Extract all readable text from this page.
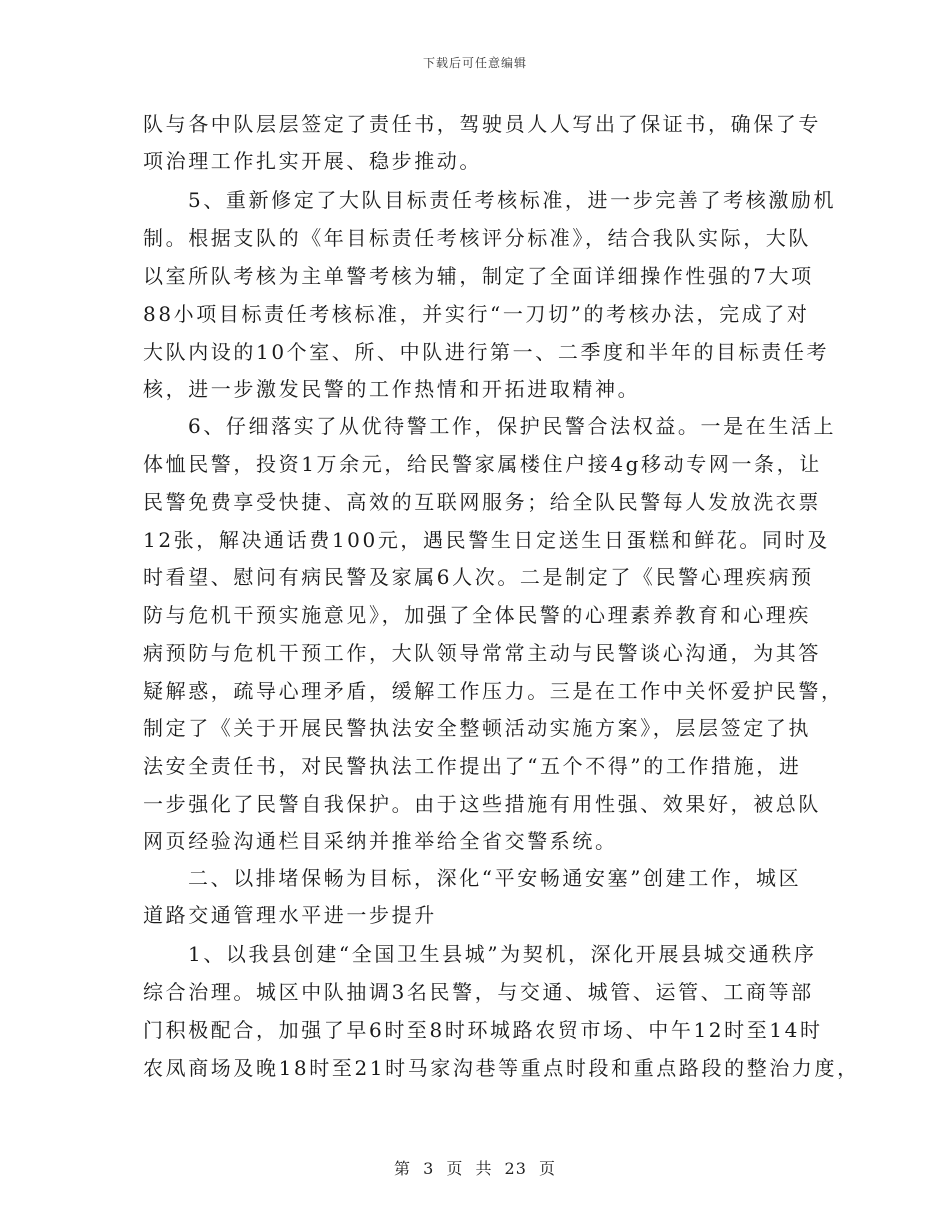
下载后可任意编辑
队与各中队层层签定了责任书，驾驶员人人写出了保证书，确保了专
项治理工作扎实开展、稳步推动。
5、重新修定了大队目标责任考核标准，进一步完善了考核激励机
制。根据支队的《年目标责任考核评分标准》，结合我队实际，大队
以室所队考核为主单警考核为辅，制定了全面详细操作性强的7大项
88小项目标责任考核标准，并实行“一刀切”的考核办法，完成了对
大队内设的10个室、所、中队进行第一、二季度和半年的目标责任考
核，进一步激发民警的工作热情和开拓进取精神。
6、仔细落实了从优待警工作，保护民警合法权益。一是在生活上
体恤民警，投资1万余元，给民警家属楼住户接4g移动专网一条，让
民警免费享受快捷、高效的互联网服务；给全队民警每人发放洗衣票
12张，解决通话费100元，遇民警生日定送生日蛋糕和鲜花。同时及
时看望、慰问有病民警及家属6人次。二是制定了《民警心理疾病预
防与危机干预实施意见》，加强了全体民警的心理素养教育和心理疾
病预防与危机干预工作，大队领导常常主动与民警谈心沟通，为其答
疑解惑，疏导心理矛盾，缓解工作压力。三是在工作中关怀爱护民警，
制定了《关于开展民警执法安全整顿活动实施方案》，层层签定了执
法安全责任书，对民警执法工作提出了“五个不得”的工作措施，进
一步强化了民警自我保护。由于这些措施有用性强、效果好，被总队
网页经验沟通栏目采纳并推举给全省交警系统。
二、以排堵保畅为目标，深化“平安畅通安塞”创建工作，城区
道路交通管理水平进一步提升
1、以我县创建“全国卫生县城”为契机，深化开展县城交通秩序
综合治理。城区中队抽调3名民警，与交通、城管、运管、工商等部
门积极配合，加强了早6时至8时环城路农贸市场、中午12时至14时
农凤商场及晚18时至21时马家沟巷等重点时段和重点路段的整治力度，
第 3 页 共 23 页
